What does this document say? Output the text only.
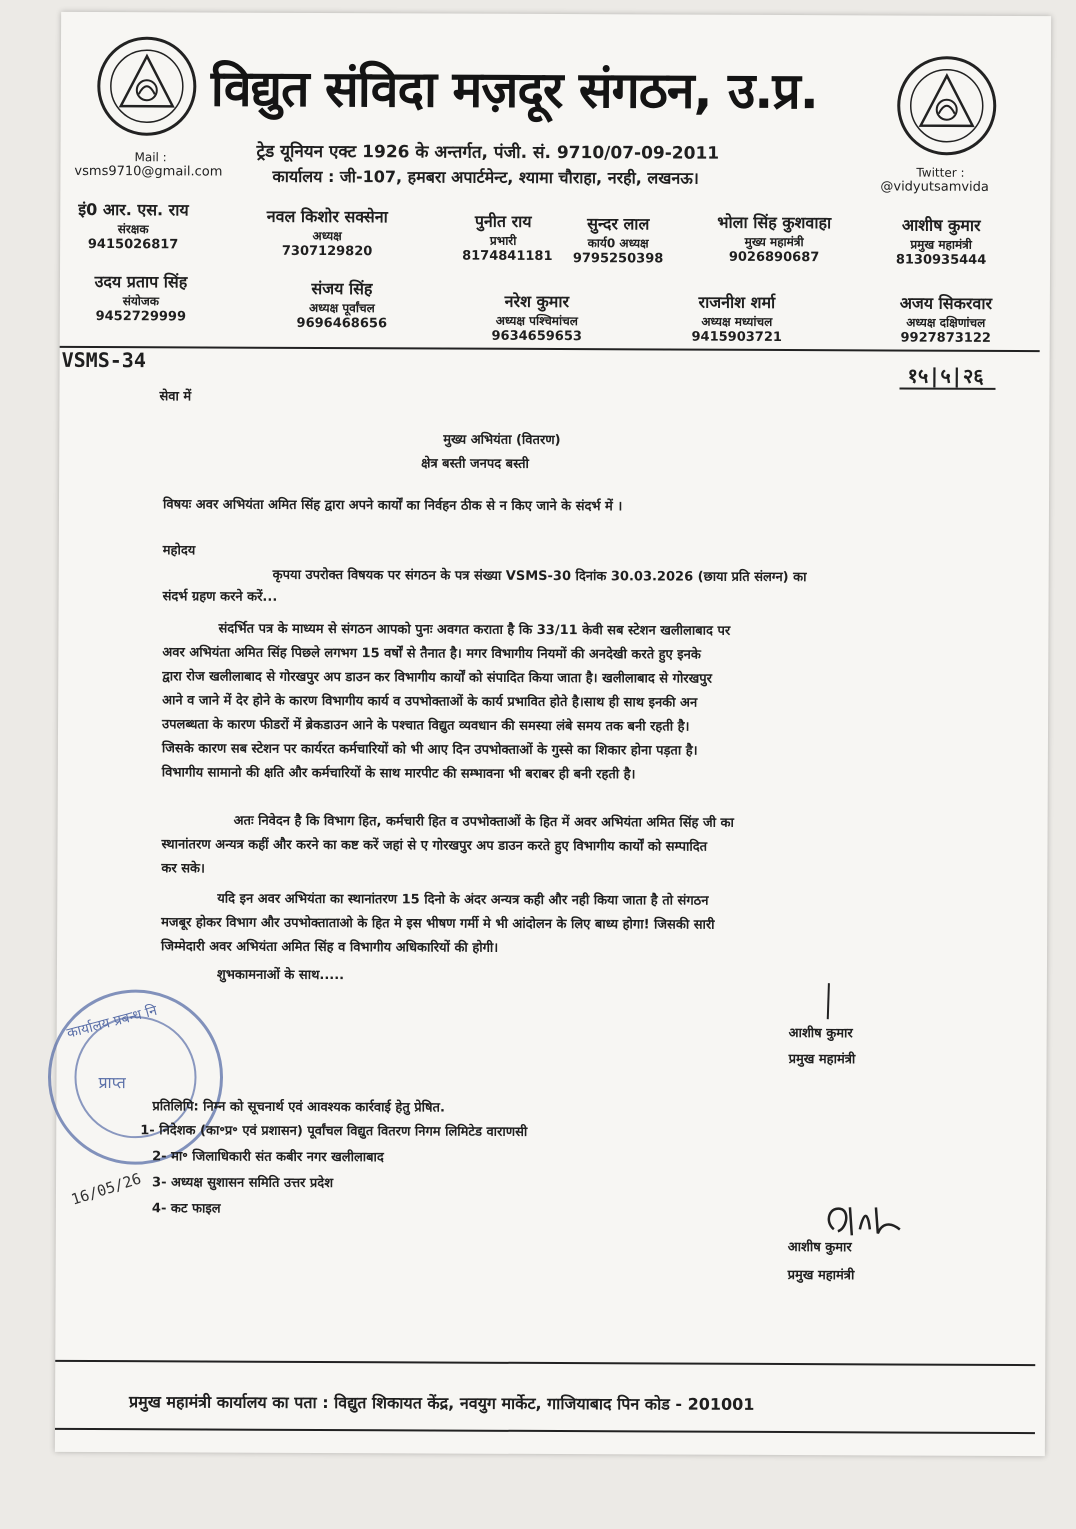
विद्युत संविदा मज़दूर संगठन, उ.प्र.
Mail :
vsms9710@gmail.com	Twitter :
@vidyutsamvida
ट्रेड यूनियन एक्ट 1926 के अन्तर्गत, पंजी. सं. 9710/07-09-2011
कार्यालय : जी-107, हमबरा अपार्टमेन्ट, श्यामा चौराहा, नरही, लखनऊ।
इं0 आर. एस. राय
संरक्षक
9415026817
नवल किशोर सक्सेना
अध्यक्ष
7307129820
पुनीत राय
प्रभारी
8174841181
सुन्दर लाल
कार्य0 अध्यक्ष
9795250398
भोला सिंह कुशवाहा
मुख्य महामंत्री
9026890687
आशीष कुमार
प्रमुख महामंत्री
8130935444
उदय प्रताप सिंह
संयोजक
9452729999
संजय सिंह
अध्यक्ष पूर्वांचल
9696468656
नरेश कुमार
अध्यक्ष पश्चिमांचल
9634659653
राजनीश शर्मा
अध्यक्ष मध्यांचल
9415903721
अजय सिकरवार
अध्यक्ष दक्षिणांचल
9927873122
VSMS-34
१५|५|२६
सेवा में
मुख्य अभियंता (वितरण)
क्षेत्र बस्ती जनपद बस्ती
विषयः अवर अभियंता अमित सिंह द्वारा अपने कार्यों का निर्वहन ठीक से न किए जाने के संदर्भ में ।
महोदय
कृपया उपरोक्त विषयक पर संगठन के पत्र संख्या VSMS-30 दिनांक 30.03.2026 (छाया प्रति संलग्न) का
संदर्भ ग्रहण करने करें...
संदर्भित पत्र के माध्यम से संगठन आपको पुनः अवगत कराता है कि 33/11 केवी सब स्टेशन खलीलाबाद पर
अवर अभियंता अमित सिंह पिछले लगभग 15 वर्षों से तैनात है। मगर विभागीय नियमों की अनदेखी करते हुए इनके
द्वारा रोज खलीलाबाद से गोरखपुर अप डाउन कर विभागीय कार्यों को संपादित किया जाता है। खलीलाबाद से गोरखपुर
आने व जाने में देर होने के कारण विभागीय कार्य व उपभोक्ताओं के कार्य प्रभावित होते है।साथ ही साथ इनकी अन
उपलब्धता के कारण फीडरों में ब्रेकडाउन आने के पश्चात विद्युत व्यवधान की समस्या लंबे समय तक बनी रहती है।
जिसके कारण सब स्टेशन पर कार्यरत कर्मचारियों को भी आए दिन उपभोक्ताओं के गुस्से का शिकार होना पड़ता है।
विभागीय सामानो की क्षति और कर्मचारियों के साथ मारपीट की सम्भावना भी बराबर ही बनी रहती है।
अतः निवेदन है कि विभाग हित, कर्मचारी हित व उपभोक्ताओं के हित में अवर अभियंता अमित सिंह जी का
स्थानांतरण अन्यत्र कहीं और करने का कष्ट करें जहां से ए गोरखपुर अप डाउन करते हुए विभागीय कार्यों को सम्पादित
कर सके।
यदि इन अवर अभियंता का स्थानांतरण 15 दिनो के अंदर अन्यत्र कही और नही किया जाता है तो संगठन
मजबूर होकर विभाग और उपभोक्ताताओ के हित मे इस भीषण गर्मी मे भी आंदोलन के लिए बाध्य होगा! जिसकी सारी
जिम्मेदारी अवर अभियंता अमित सिंह व विभागीय अधिकारियों की होगी।
शुभकामनाओं के साथ.....
आशीष कुमार
प्रमुख महामंत्री
कार्यालय प्रबन्ध नि
प्राप्त
16/05/26
प्रतिलिपि: निम्न को सूचनार्थ एवं आवश्यक कार्रवाई हेतु प्रेषित.
1- निदेशक (का॰प्र॰ एवं प्रशासन) पूर्वांचल विद्युत वितरण निगम लिमिटेड वाराणसी
2- मा॰ जिलाधिकारी संत कबीर नगर खलीलाबाद
3- अध्यक्ष सुशासन समिति उत्तर प्रदेश
4- कट फाइल
आशीष कुमार
प्रमुख महामंत्री
प्रमुख महामंत्री कार्यालय का पता : विद्युत शिकायत केंद्र, नवयुग मार्केट, गाजियाबाद पिन कोड - 201001
